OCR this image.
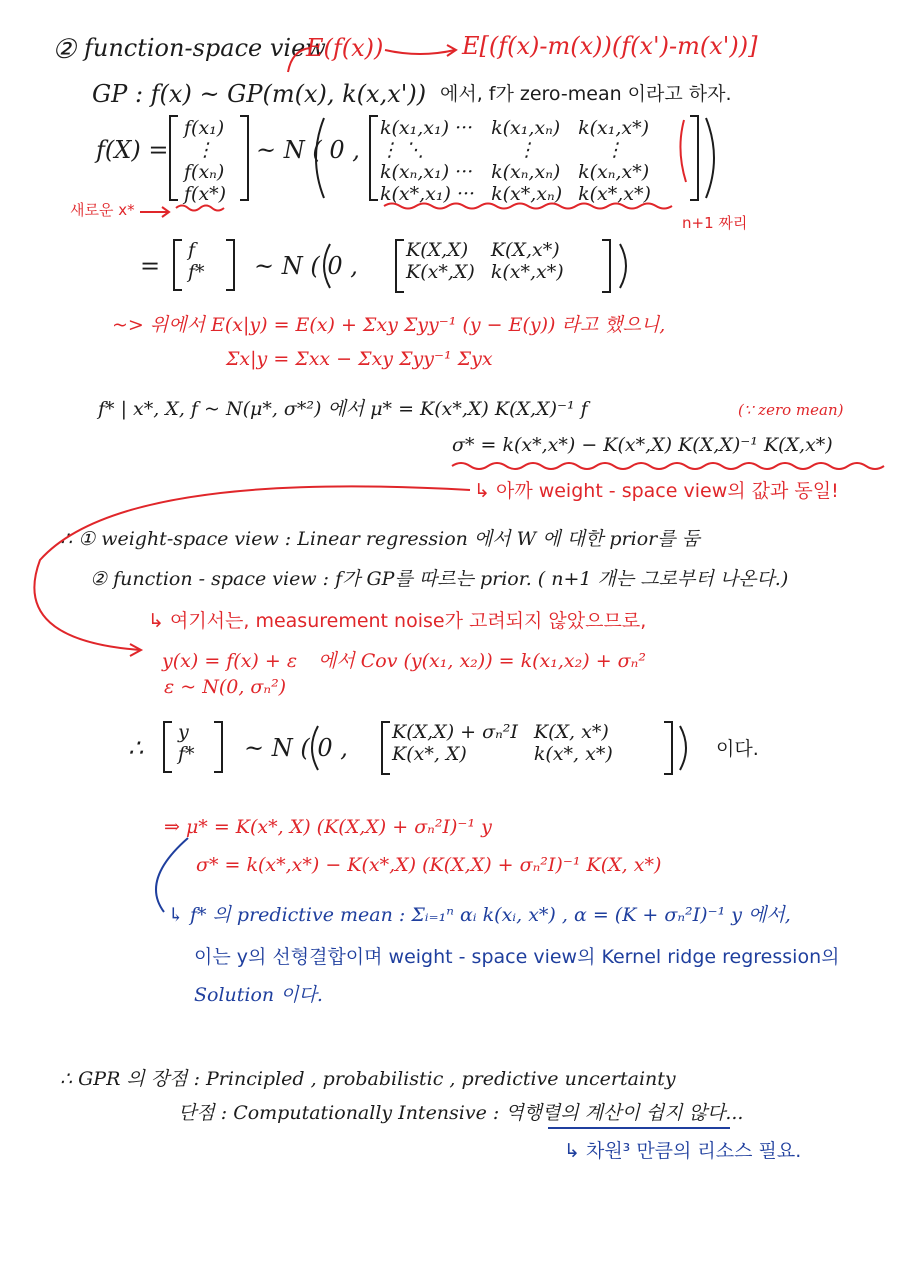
② function-space view
E(f(x))	E[(f(x)-m(x))(f(x')-m(x'))]
GP : f(x) ~ GP(m(x), k(x,x')) 에서, f가 zero-mean 이라고 하자.
f(X) =
f(x₁)
⋮
f(xₙ)
f(x*)
~ N ( 0 ,
k(x₁,x₁) ···	k(x₁,xₙ)	k(x₁,x*)
⋮ ⋱	⋮	⋮
k(xₙ,x₁) ···	k(xₙ,xₙ)	k(xₙ,x*)
k(x*,x₁) ···	k(x*,xₙ)	k(x*,x*)
새로운 x*
n+1 짜리
=
f
f* ~ N ( 0 ,
K(X,X)	K(X,x*)
K(x*,X)	k(x*,x*)
~> 위에서 E(x|y) = E(x) + Σxy Σyy⁻¹ (y − E(y)) 라고 했으니,
Σx|y = Σxx − Σxy Σyy⁻¹ Σyx
f* | x*, X, f ~ N(μ*, σ*²) 에서 μ* = K(x*,X) K(X,X)⁻¹ f	(∵ zero mean)
σ* = k(x*,x*) − K(x*,X) K(X,X)⁻¹ K(X,x*)
↳ 아까 weight - space view의 값과 동일!
∴ ① weight-space view : Linear regression 에서 W 에 대한 prior를 둠
② function - space view : f가 GP를 따르는 prior. ( n+1 개는 그로부터 나온다.)
↳ 여기서는, measurement noise가 고려되지 않았으므로,
y(x) = f(x) + ε 에서 Cov (y(x₁, x₂)) = k(x₁,x₂) + σₙ²
ε ~ N(0, σₙ²)
∴
y
f* ~ N ( 0 ,
K(X,X) + σₙ²I	K(X, x*)
K(x*, X)	k(x*, x*)	이다.
⇒ μ* = K(x*, X) (K(X,X) + σₙ²I)⁻¹ y
σ* = k(x*,x*) − K(x*,X) (K(X,X) + σₙ²I)⁻¹ K(X, x*)
↳ f* 의 predictive mean : Σᵢ₌₁ⁿ αᵢ k(xᵢ, x*) , α = (K + σₙ²I)⁻¹ y 에서,
이는 y의 선형결합이며 weight - space view의 Kernel ridge regression의
Solution 이다.
∴ GPR 의 장점 : Principled , probabilistic , predictive uncertainty
단점 : Computationally Intensive : 역행렬의 계산이 쉽지 않다...
↳ 차원³ 만큼의 리소스 필요.
